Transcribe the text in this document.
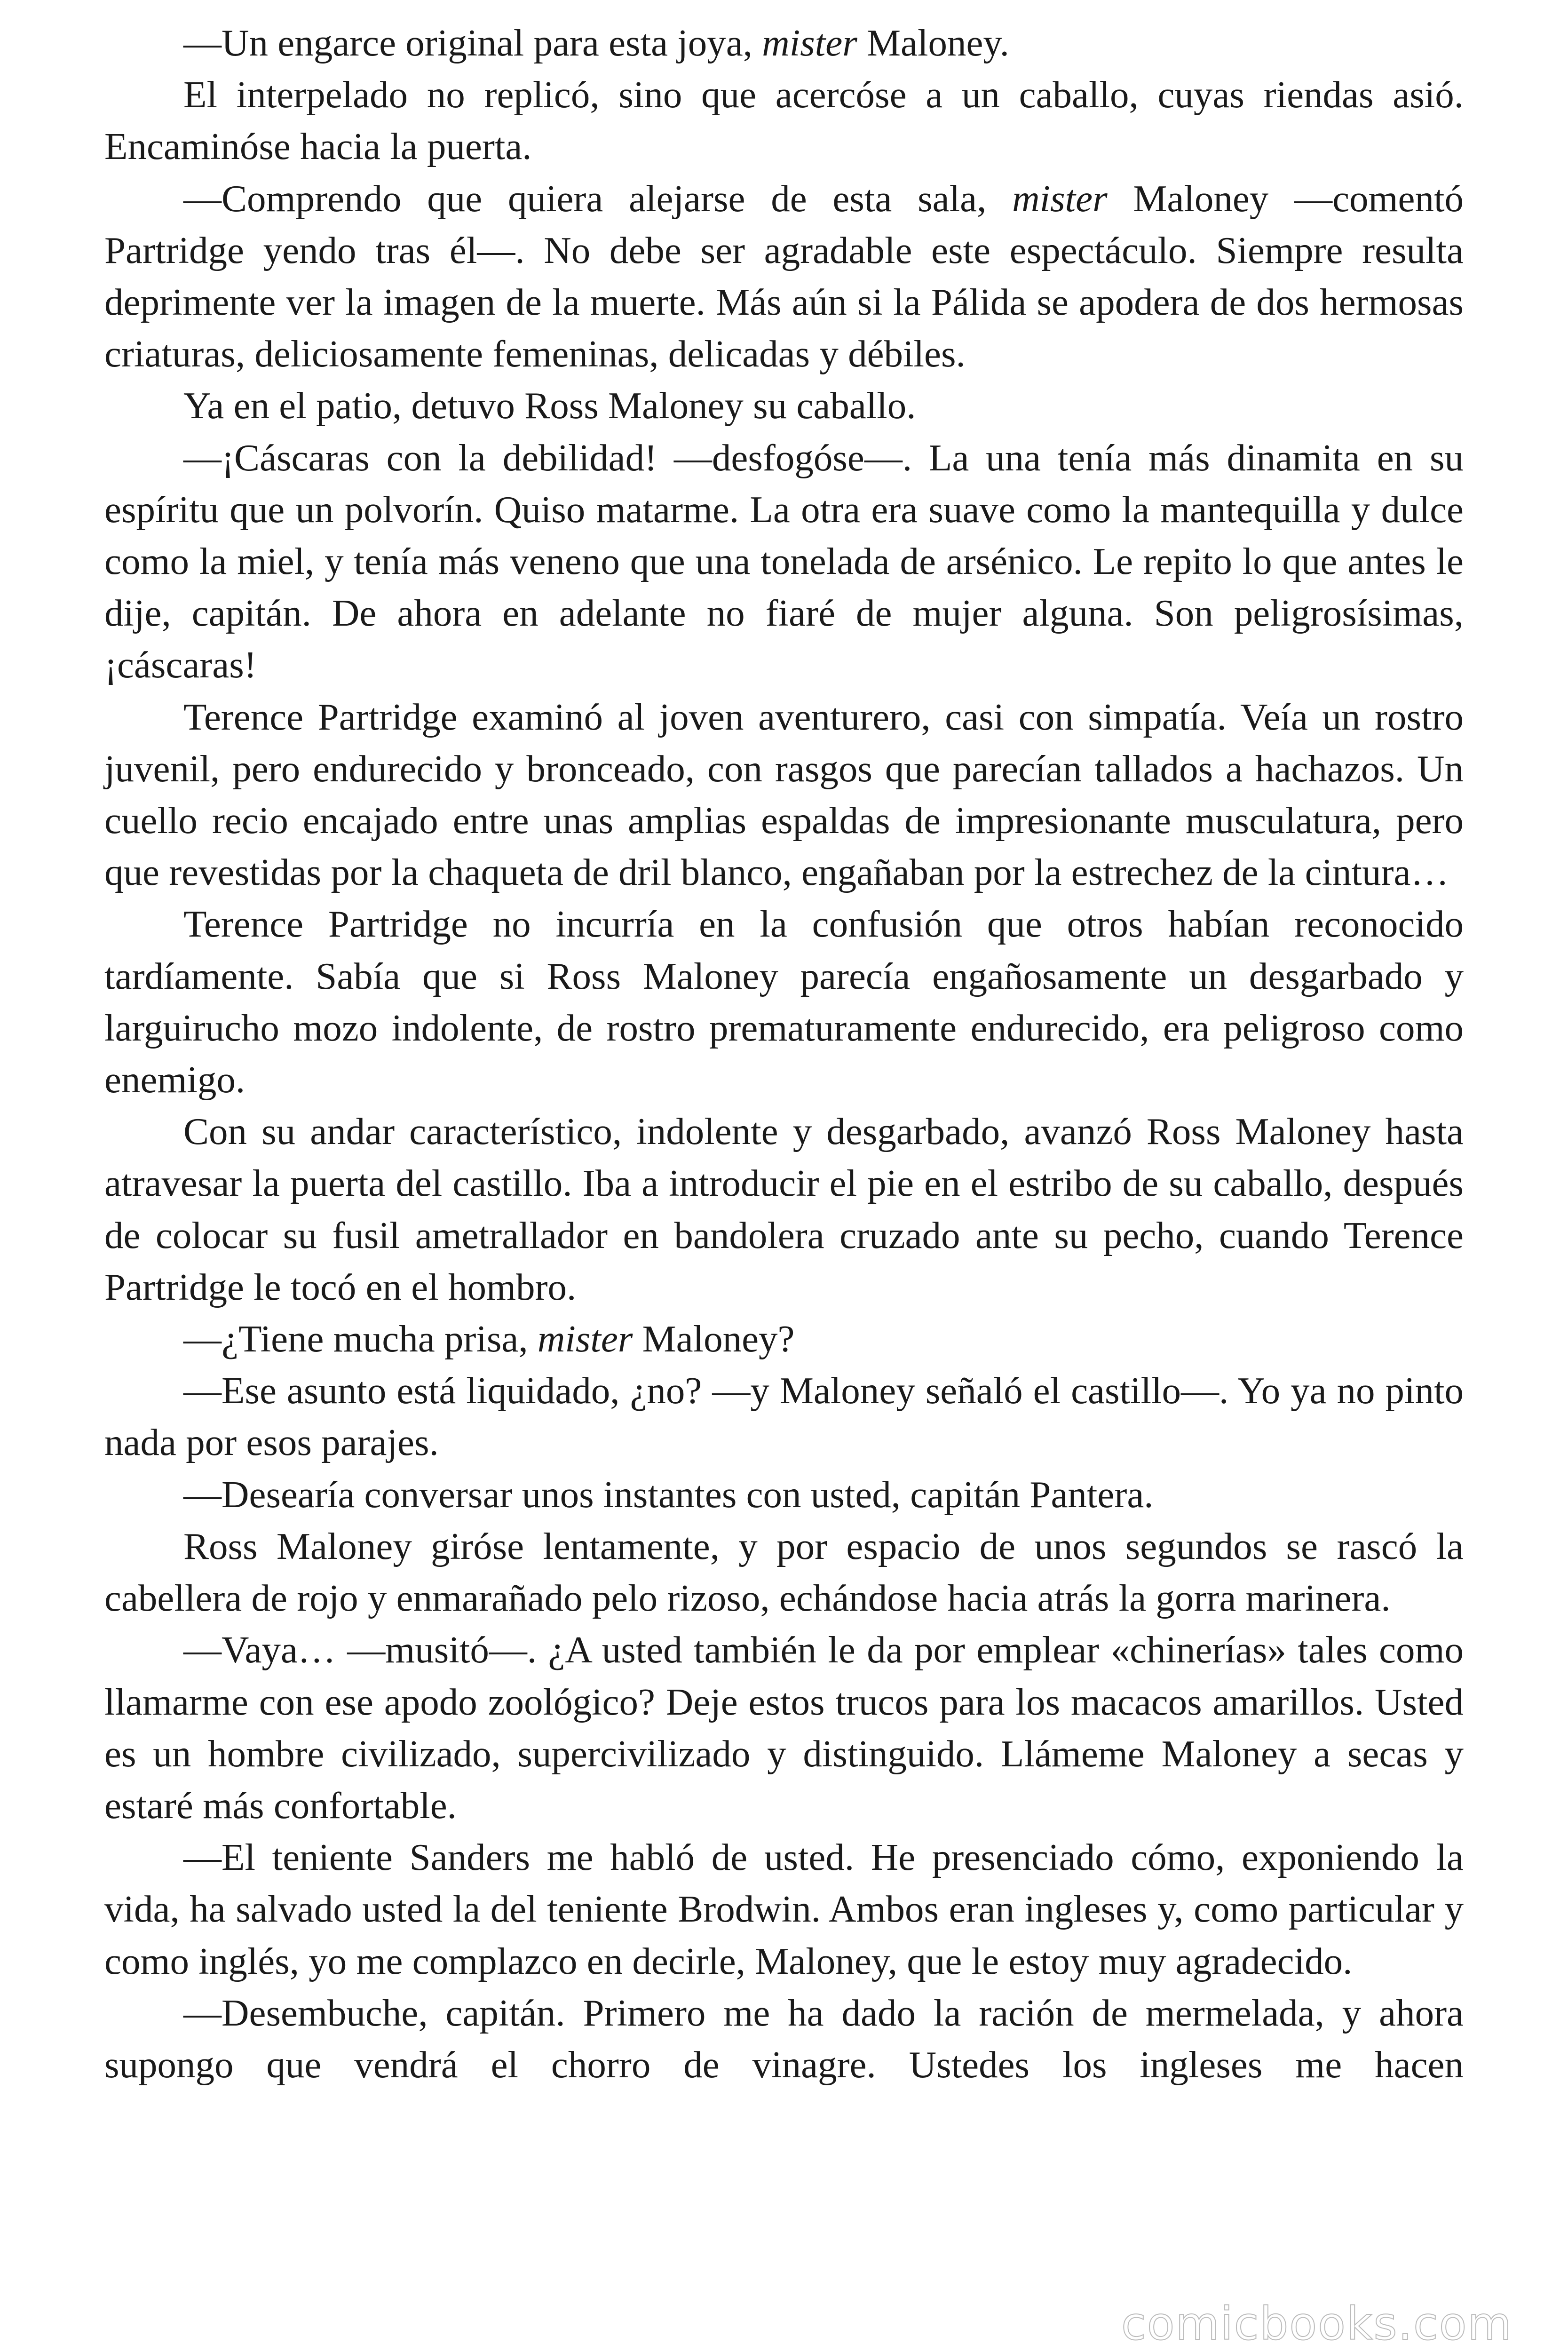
—Un engarce original para esta joya, mister Maloney.

El interpelado no replicó, sino que acercóse a un caballo, cuyas riendas asió. Encaminóse hacia la puerta.

—Comprendo que quiera alejarse de esta sala, mister Maloney —comentó Partridge yendo tras él—. No debe ser agradable este espectáculo. Siempre resulta deprimente ver la imagen de la muerte. Más aún si la Pálida se apodera de dos hermosas criaturas, deliciosamente femeninas, delicadas y débiles.

Ya en el patio, detuvo Ross Maloney su caballo.

—¡Cáscaras con la debilidad! —desfogóse—. La una tenía más dinamita en su espíritu que un polvorín. Quiso matarme. La otra era suave como la mantequilla y dulce como la miel, y tenía más veneno que una tonelada de arsénico. Le repito lo que antes le dije, capitán. De ahora en adelante no fiaré de mujer alguna. Son peligrosísimas, ¡cáscaras!

Terence Partridge examinó al joven aventurero, casi con simpatía. Veía un rostro juvenil, pero endurecido y bronceado, con rasgos que parecían tallados a hachazos. Un cuello recio encajado entre unas amplias espaldas de impresionante musculatura, pero que revestidas por la chaqueta de dril blanco, engañaban por la estrechez de la cintura…

Terence Partridge no incurría en la confusión que otros habían reconocido tardíamente. Sabía que si Ross Maloney parecía engañosamente un desgarbado y larguirucho mozo indolente, de rostro prematuramente endurecido, era peligroso como enemigo.

Con su andar característico, indolente y desgarbado, avanzó Ross Maloney hasta atravesar la puerta del castillo. Iba a introducir el pie en el estribo de su caballo, después de colocar su fusil ametrallador en bandolera cruzado ante su pecho, cuando Terence Partridge le tocó en el hombro.

—¿Tiene mucha prisa, mister Maloney?

—Ese asunto está liquidado, ¿no? —y Maloney señaló el castillo—. Yo ya no pinto nada por esos parajes.

—Desearía conversar unos instantes con usted, capitán Pantera.

Ross Maloney giróse lentamente, y por espacio de unos segundos se rascó la cabellera de rojo y enmarañado pelo rizoso, echándose hacia atrás la gorra marinera.

—Vaya… —musitó—. ¿A usted también le da por emplear «chinerías» tales como llamarme con ese apodo zoológico? Deje estos trucos para los macacos amarillos. Usted es un hombre civilizado, supercivilizado y distinguido. Llámeme Maloney a secas y estaré más confortable.

—El teniente Sanders me habló de usted. He presenciado cómo, exponiendo la vida, ha salvado usted la del teniente Brodwin. Ambos eran ingleses y, como particular y como inglés, yo me complazco en decirle, Maloney, que le estoy muy agradecido.

—Desembuche, capitán. Primero me ha dado la ración de mermelada, y ahora supongo que vendrá el chorro de vinagre. Ustedes los ingleses me hacen

comicbooks.com
